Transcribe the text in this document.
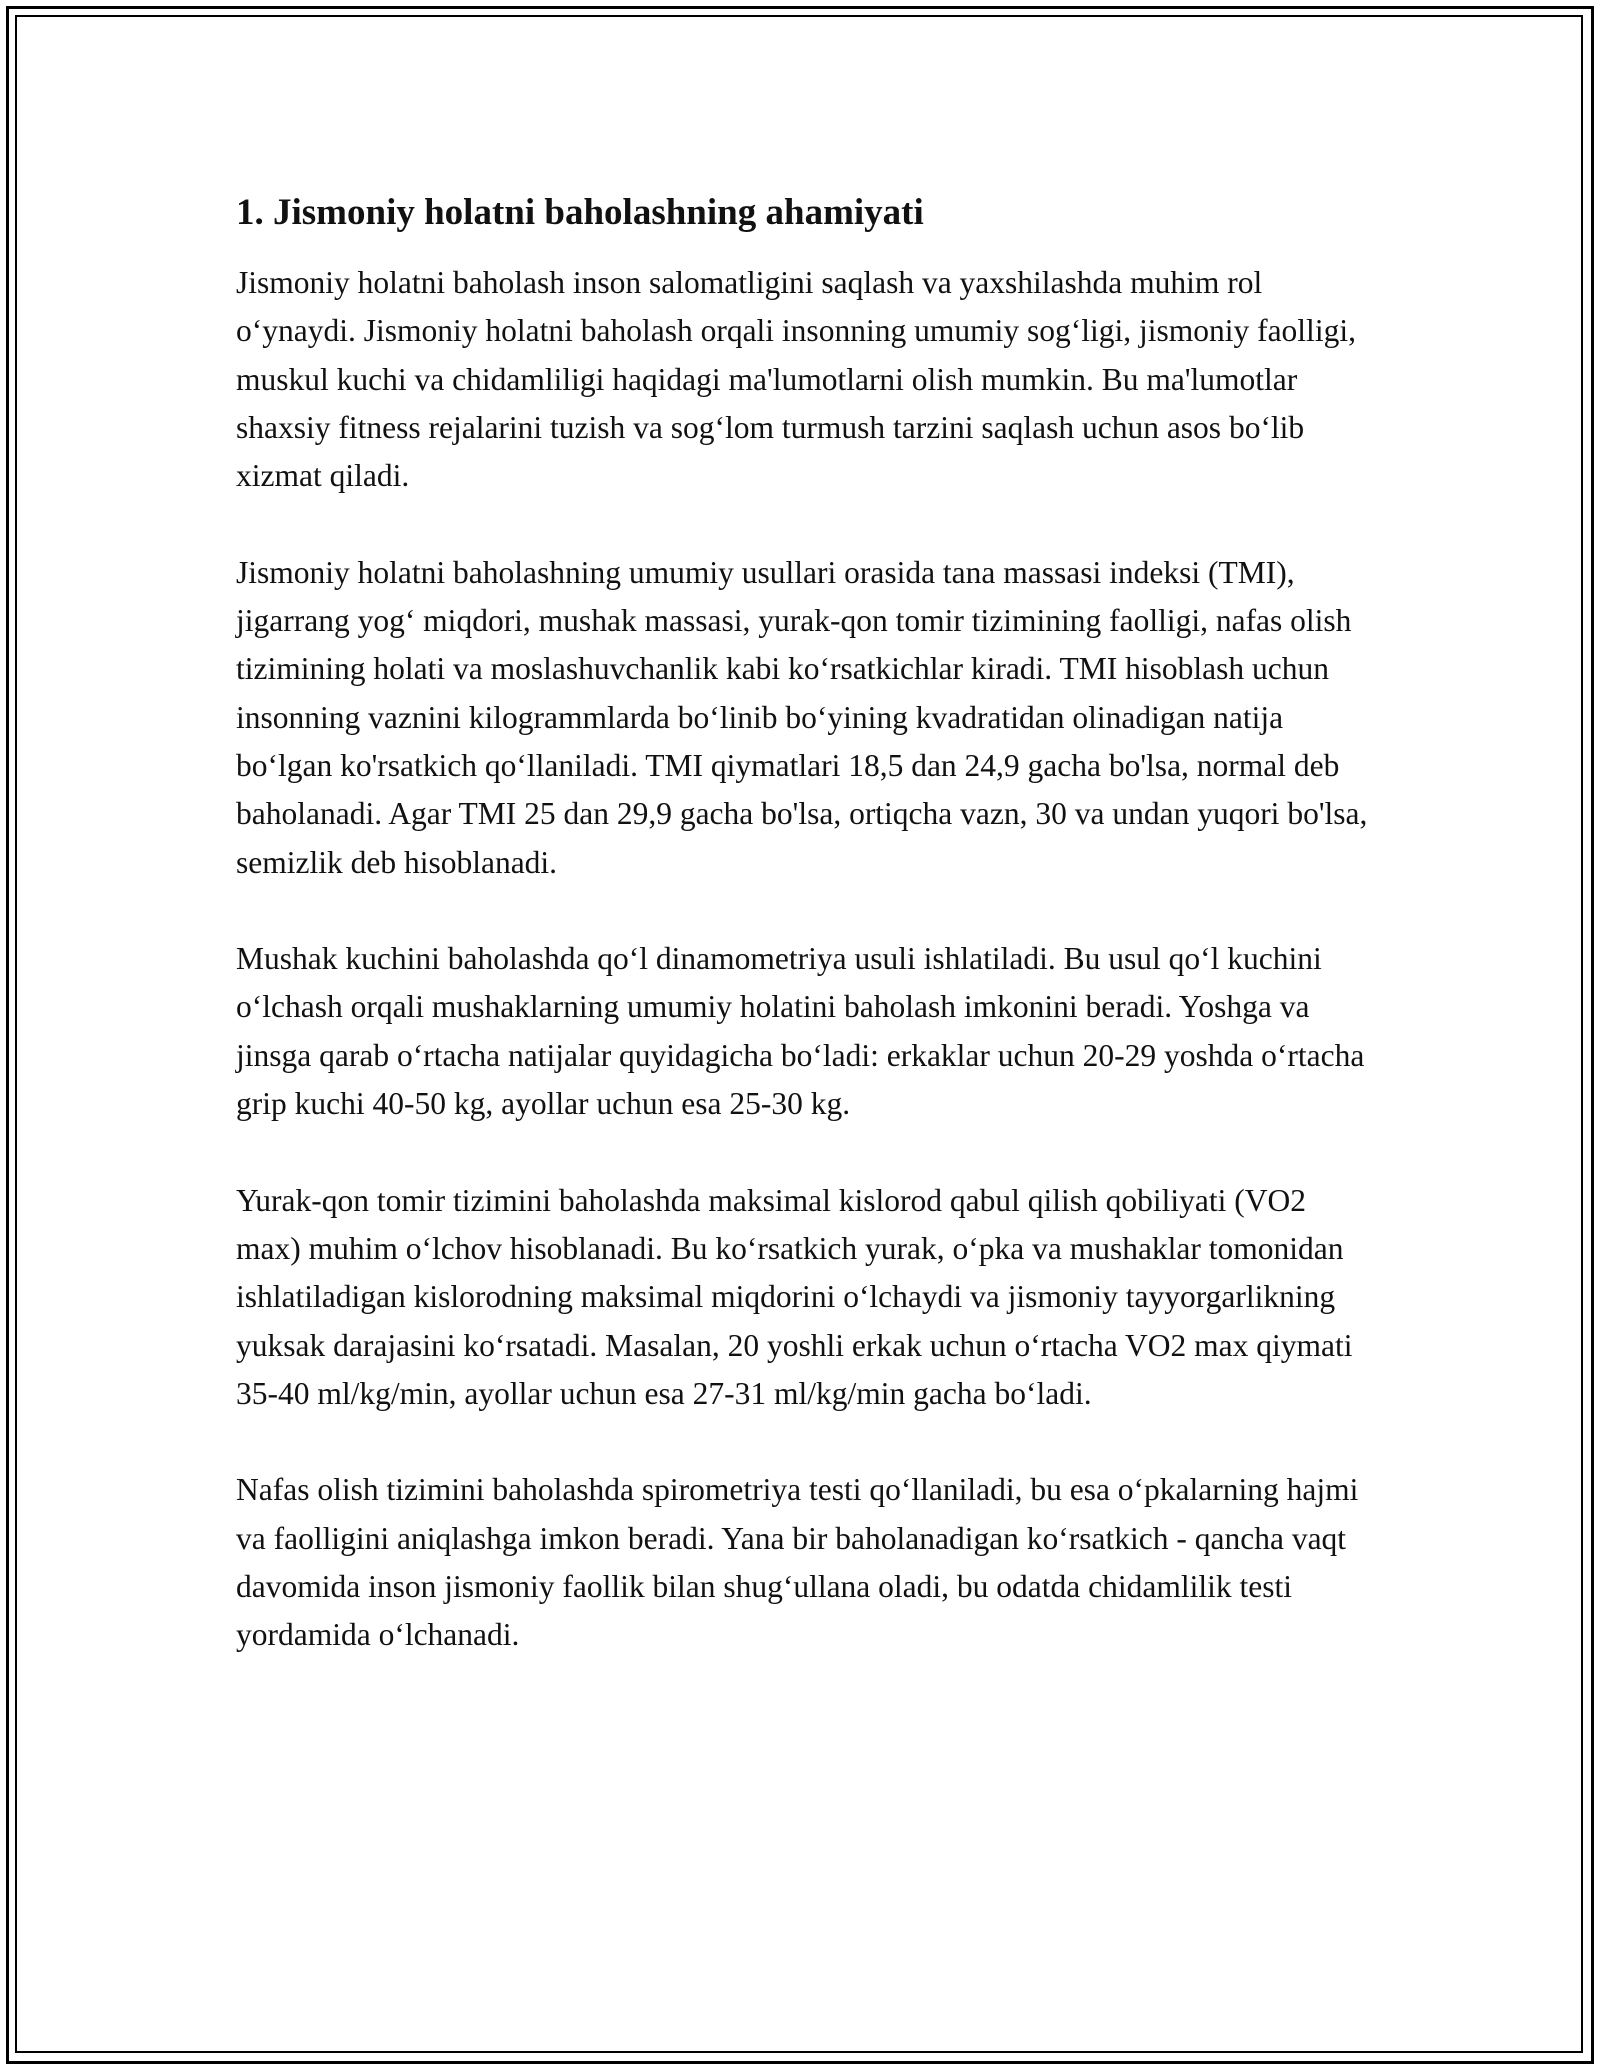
1. Jismoniy holatni baholashning ahamiyati

Jismoniy holatni baholash inson salomatligini saqlash va yaxshilashda muhim rol oʻynaydi. Jismoniy holatni baholash orqali insonning umumiy sogʻligi, jismoniy faolligi, muskul kuchi va chidamliligi haqidagi ma'lumotlarni olish mumkin. Bu ma'lumotlar shaxsiy fitness rejalarini tuzish va sogʻlom turmush tarzini saqlash uchun asos boʻlib xizmat qiladi.

Jismoniy holatni baholashning umumiy usullari orasida tana massasi indeksi (TMI), jigarrang yogʻ miqdori, mushak massasi, yurak-qon tomir tizimining faolligi, nafas olish tizimining holati va moslashuvchanlik kabi koʻrsatkichlar kiradi. TMI hisoblash uchun insonning vaznini kilogrammlarda boʻlinib boʻyining kvadratidan olinadigan natija boʻlgan ko'rsatkich qoʻllaniladi. TMI qiymatlari 18,5 dan 24,9 gacha bo'lsa, normal deb baholanadi. Agar TMI 25 dan 29,9 gacha bo'lsa, ortiqcha vazn, 30 va undan yuqori bo'lsa, semizlik deb hisoblanadi.

Mushak kuchini baholashda qoʻl dinamometriya usuli ishlatiladi. Bu usul qoʻl kuchini oʻlchash orqali mushaklarning umumiy holatini baholash imkonini beradi. Yoshga va jinsga qarab oʻrtacha natijalar quyidagicha boʻladi: erkaklar uchun 20-29 yoshda oʻrtacha grip kuchi 40-50 kg, ayollar uchun esa 25-30 kg.

Yurak-qon tomir tizimini baholashda maksimal kislorod qabul qilish qobiliyati (VO2 max) muhim oʻlchov hisoblanadi. Bu koʻrsatkich yurak, oʻpka va mushaklar tomonidan ishlatiladigan kislorodning maksimal miqdorini oʻlchaydi va jismoniy tayyorgarlikning yuksak darajasini koʻrsatadi. Masalan, 20 yoshli erkak uchun oʻrtacha VO2 max qiymati 35-40 ml/kg/min, ayollar uchun esa 27-31 ml/kg/min gacha boʻladi.

Nafas olish tizimini baholashda spirometriya testi qoʻllaniladi, bu esa oʻpkalarning hajmi va faolligini aniqlashga imkon beradi. Yana bir baholanadigan koʻrsatkich - qancha vaqt davomida inson jismoniy faollik bilan shugʻullana oladi, bu odatda chidamlilik testi yordamida oʻlchanadi.
